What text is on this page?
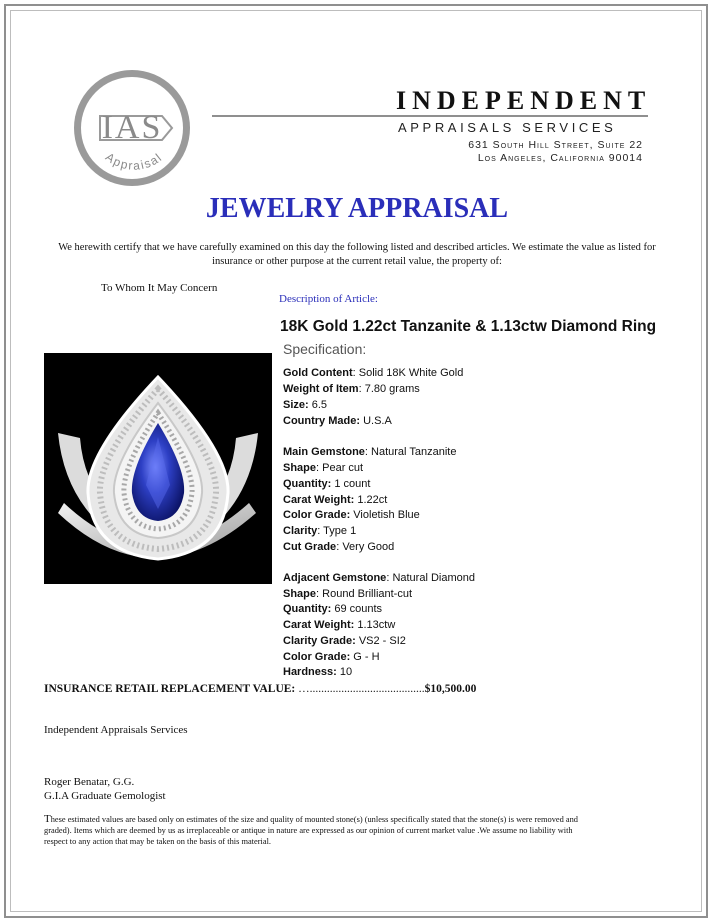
IAS
Appraisal
INDEPENDENT
APPRAISALS SERVICES
631 South Hill Street, Suite 22
Los Angeles, California 90014
JEWELRY APPRAISAL
We herewith certify that we have carefully examined on this day the following listed and described articles. We estimate the value as listed for insurance or other purpose at the current retail value, the property of:
To Whom It May Concern
Description of Article:
18K Gold 1.22ct Tanzanite & 1.13ctw Diamond Ring
Specification:
Gold Content: Solid 18K White Gold
Weight of Item: 7.80 grams
Size: 6.5
Country Made: U.S.A
Main Gemstone: Natural Tanzanite
Shape: Pear cut
Quantity: 1 count
Carat Weight: 1.22ct
Color Grade: Violetish Blue
Clarity: Type 1
Cut Grade: Very Good
Adjacent Gemstone: Natural Diamond
Shape: Round Brilliant-cut
Quantity: 69 counts
Carat Weight: 1.13ctw
Clarity Grade: VS2 - SI2
Color Grade: G - H
Hardness: 10
INSURANCE RETAIL REPLACEMENT VALUE: …........................................$10,500.00
Independent Appraisals Services
Roger Benatar, G.G.
G.I.A Graduate Gemologist
These estimated values are based only on estimates of the size and quality of mounted stone(s) (unless specifically stated that the stone(s) is were removed and graded). Items which are deemed by us as irreplaceable or antique in nature are expressed as our opinion of current market value .We assume no liability with respect to any action that may be taken on the basis of this material.
